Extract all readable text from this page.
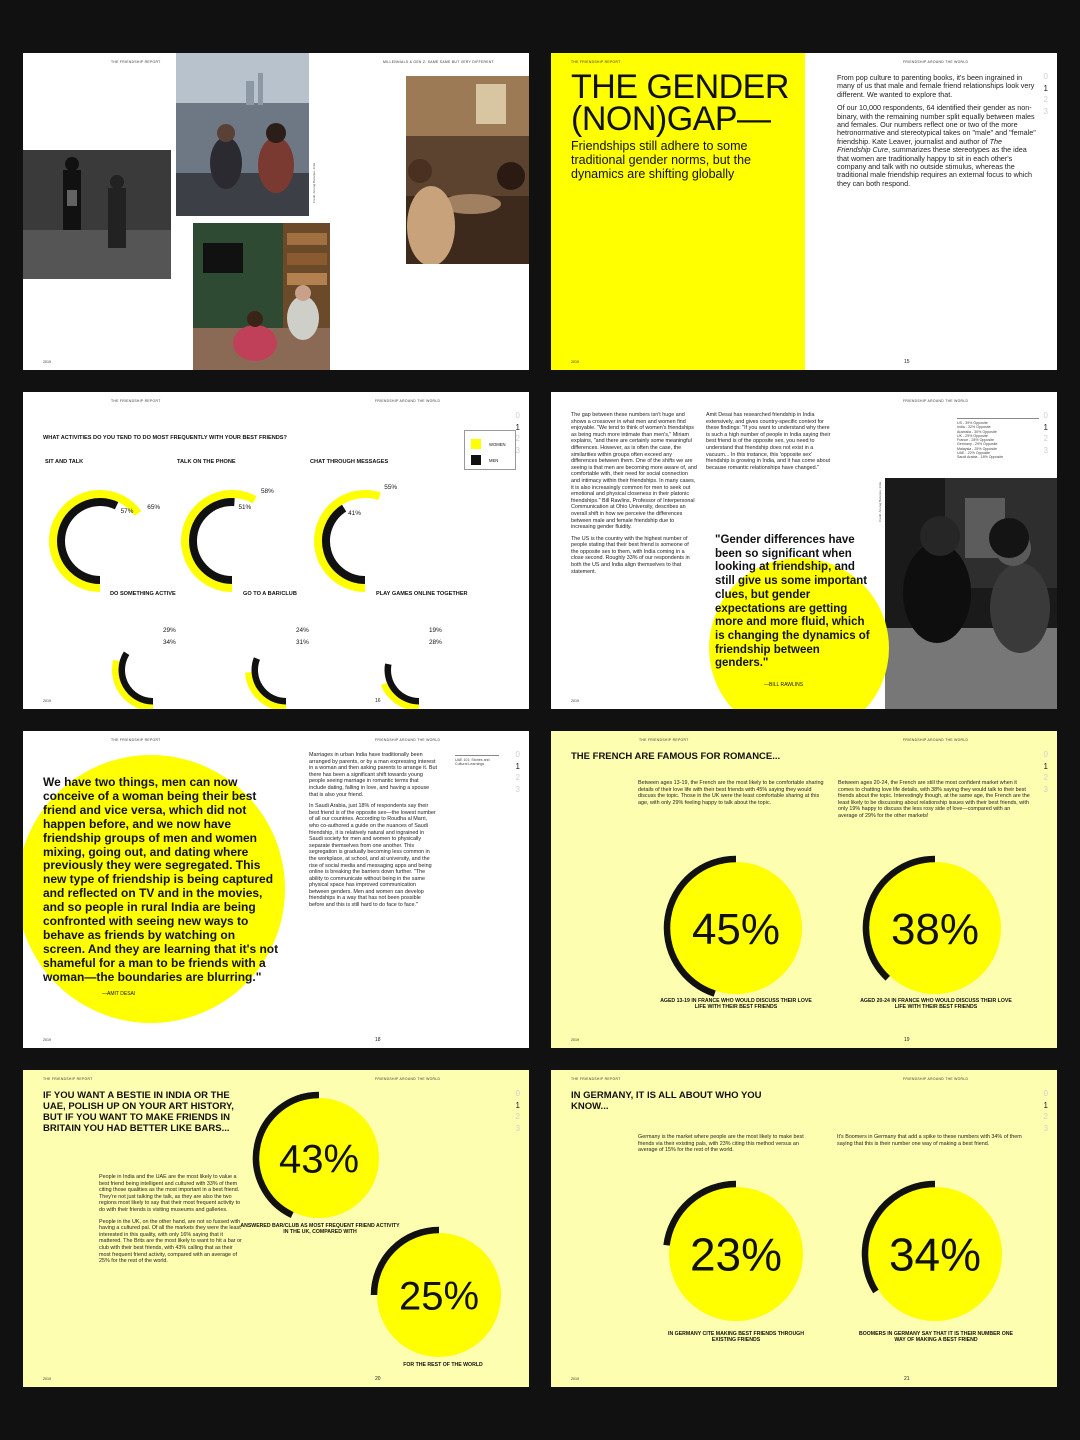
THE FRIENDSHIP REPORT	MILLENNIALS & GEN Z: SAME SAME BUT VERY DIFFERENT
Credit: Anurag Banerjee, India
2019
THE FRIENDSHIP REPORT	FRIENDSHIP AROUND THE WORLD
THE GENDER (NON)GAP—
Friendships still adhere to some traditional gender norms, but the dynamics are shifting globally

From pop culture to parenting books, it's been ingrained in many of us that male and female friend relationships look very different. We wanted to explore that.

Of our 10,000 respondents, 64 identified their gender as non-binary, with the remaining number split equally between males and females. Our numbers reflect one or two of the more hetronormative and stereotypical takes on "male" and "female" friendship. Kate Leaver, journalist and author of The Friendship Cure, summarizes these stereotypes as the idea that women are traditionally happy to sit in each other's company and talk with no outside stimulus, whereas the traditional male friendship requires an external focus to which they can both respond.

0
1
2
3
2019	15
THE FRIENDSHIP REPORT	FRIENDSHIP AROUND THE WORLD
WHAT ACTIVITIES DO YOU TEND TO DO MOST FREQUENTLY WITH YOUR BEST FRIENDS?
WOMEN
MEN
0
1
2
3
SIT AND TALK
65%
57%
TALK ON THE PHONE
58%
51%
CHAT THROUGH MESSAGES
55%
41%
DO SOMETHING ACTIVE
29%
34%
GO TO A BAR/CLUB
24%
31%
PLAY GAMES ONLINE TOGETHER
19%
28%
2019	16
FRIENDSHIP AROUND THE WORLD

The gap between these numbers isn't huge and shows a crossover in what men and women find enjoyable. "We tend to think of women's friendships as being much more intimate than men's," Miriam explains, "and there are certainly some meaningful differences. However, as is often the case, the similarities within groups often exceed any differences between them. One of the shifts we are seeing is that men are becoming more aware of, and comfortable with, their need for social connection and intimacy within their friendships. In many cases, it is also increasingly common for men to seek out emotional and physical closeness in their platonic friendships." Bill Rawlins, Professor of Interpersonal Communication at Ohio University, describes an overall shift in how we perceive the differences between male and female friendship due to increasing gender fluidity.

The US is the country with the highest number of people stating that their best friend is someone of the opposite sex to them, with India coming in a close second. Roughly 33% of our respondents in both the US and India align themselves to that statement.

Amit Desai has researched friendship in India extensively, and gives country-specific context for these findings: "If you want to understand why there is such a high number of people in India saying their best friend is of the opposite sex, you need to understand that friendship does not exist in a vacuum... In this instance, this 'opposite sex' friendship is growing in India, and it has come about because romantic relationships have changed."
US - 39% Opposite
India - 32% Opposite
Australia - 30% Opposite
UK - 29% Opposite
France - 28% Opposite
Germany - 29% Opposite
Malaysia - 25% Opposite
UAE - 22% Opposite
Saudi Arabia - 18% Opposite
Credit: Anurag Banerjee, India
"Gender differences have been so significant when looking at friendship, and still give us some important clues, but gender expectations are getting more and more fluid, which is changing the dynamics of friendship between genders."
—BILL RAWLINS
0
1
2
3
2019
THE FRIENDSHIP REPORT	FRIENDSHIP AROUND THE WORLD
We have two things, men can now conceive of a woman being their best friend and vice versa, which did not happen before, and we now have friendship groups of men and women mixing, going out, and dating where previously they were segregated. This new type of friendship is being captured and reflected on TV and in the movies, and so people in rural India are being confronted with seeing new ways to behave as friends by watching on screen. And they are learning that it's not shameful for a man to be friends with a woman—the boundaries are blurring."
—AMIT DESAI

Marriages in urban India have traditionally been arranged by parents, or by a man expressing interest in a woman and then asking parents to arrange it. But there has been a significant shift towards young people seeing marriage in romantic terms that include dating, falling in love, and having a spouse that is also your friend.

In Saudi Arabia, just 18% of respondents say their best friend is of the opposite sex—the lowest number of all our countries. According to Roudha al Marri, who co-authored a guide on the nuances of Saudi friendship, it is relatively natural and ingrained in Saudi society for men and women to physically separate themselves from one another. This segregation is gradually becoming less common in the workplace, at school, and at university, and the rise of social media and messaging apps and being online is breaking the barriers down further. "The ability to communicate without being in the same physical space has improved communication between genders. Men and women can develop friendships in a way that has not been possible before and this is still hard to do face to face."

UAE 101: Stories and Cultural Learnings
0
1
2
3
2019	18
THE FRIENDSHIP REPORT	FRIENDSHIP AROUND THE WORLD
THE FRENCH ARE FAMOUS FOR ROMANCE...
Between ages 13-19, the French are the most likely to be comfortable sharing details of their love life with their best friends with 45% saying they would discuss the topic. Those in the UK were the least comfortable sharing at this age, with only 29% feeling happy to talk about the topic.
Between ages 20-24, the French are still the most confident market when it comes to chatting love life details, with 38% saying they would talk to their best friends about the topic. Interestingly though, at the same age, the French are the least likely to be discussing about relationship issues with their best friends, with only 19% happy to discuss the less rosy side of love—compared with an average of 29% for the other markets!
0
1
2
3
2019	19
45%
AGED 13-19 IN FRANCE WHO WOULD DISCUSS THEIR LOVE LIFE WITH THEIR BEST FRIENDS
38%
AGED 20-24 IN FRANCE WHO WOULD DISCUSS THEIR LOVE LIFE WITH THEIR BEST FRIENDS
THE FRIENDSHIP REPORT	FRIENDSHIP AROUND THE WORLD
IF YOU WANT A BESTIE IN INDIA OR THE UAE, POLISH UP ON YOUR ART HISTORY, BUT IF YOU WANT TO MAKE FRIENDS IN BRITAIN YOU HAD BETTER LIKE BARS...

People in India and the UAE are the most likely to value a best friend being intelligent and cultured with 33% of them citing those qualities as the most important in a best friend. They're not just talking the talk, as they are also the two regions most likely to say that their most frequent activity to do with their friends is visiting museums and galleries.

People in the UK, on the other hand, are not so fussed with having a cultured pal. Of all the markets they were the least interested in this quality, with only 16% saying that it mattered. The Brits are the most likely to want to hit a bar or club with their best friends, with 43% calling that as their most frequent friend activity, compared with an average of 25% for the rest of the world.

0
1
2
3
2019	20
43%
ANSWERED BAR/CLUB AS MOST FREQUENT FRIEND ACTIVITY IN THE UK, COMPARED WITH
25%
FOR THE REST OF THE WORLD
THE FRIENDSHIP REPORT	FRIENDSHIP AROUND THE WORLD
IN GERMANY, IT IS ALL ABOUT WHO YOU KNOW...
Germany is the market where people are the most likely to make best friends via their existing pals, with 23% citing this method versus an average of 15% for the rest of the world.
It's Boomers in Germany that add a spike to these numbers with 34% of them saying that this is their number one way of making a best friend.
0
1
2
3
2019	21
23%
IN GERMANY CITE MAKING BEST FRIENDS THROUGH EXISTING FRIENDS
34%
BOOMERS IN GERMANY SAY THAT IT IS THEIR NUMBER ONE WAY OF MAKING A BEST FRIEND
